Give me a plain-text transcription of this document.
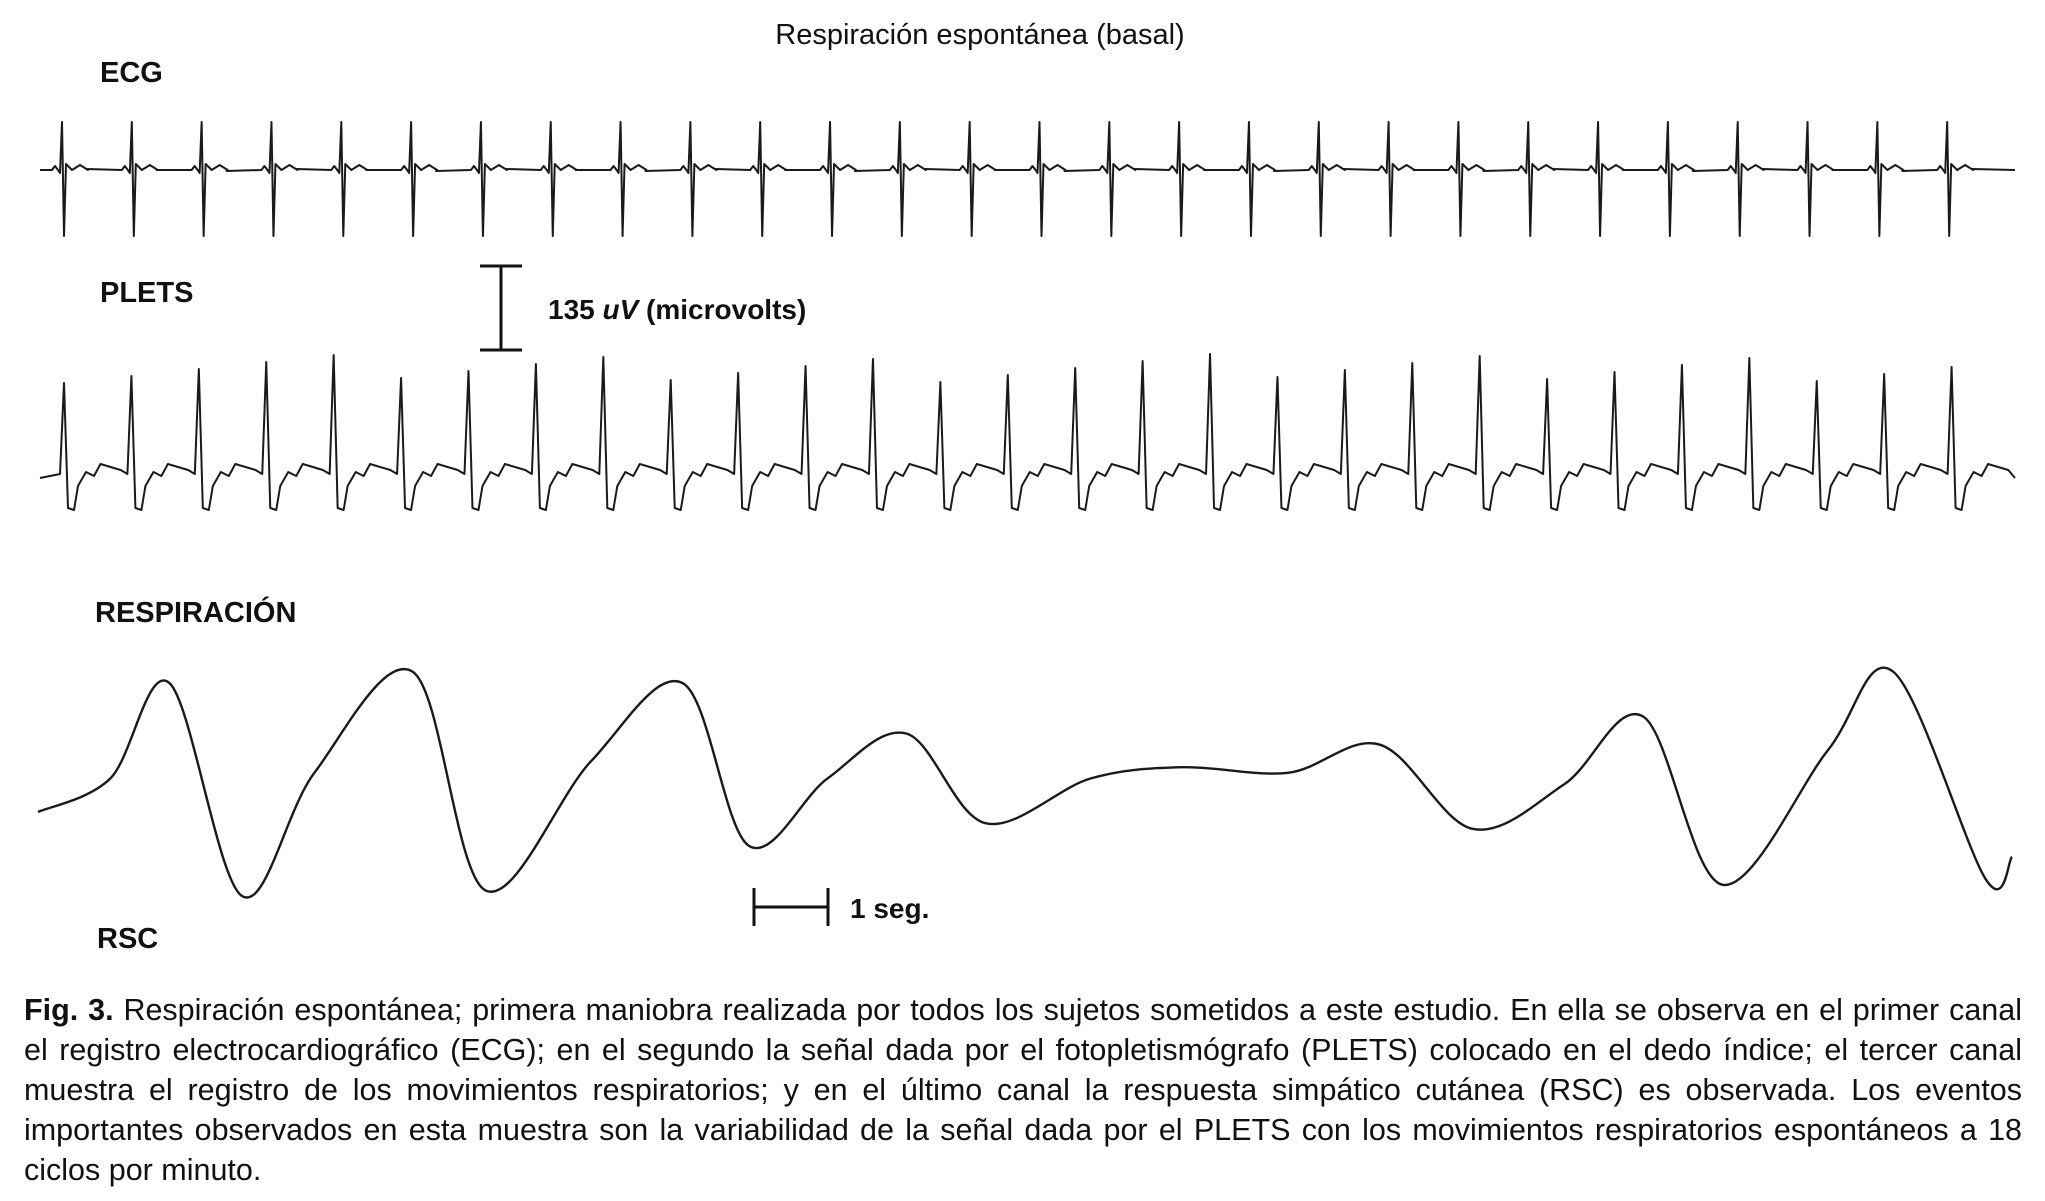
Respiración espontánea (basal)
ECG
PLETS
RESPIRACIÓN
RSC
135 uV (microvolts)
1 seg.
Fig. 3. Respiración espontánea; primera maniobra realizada por todos los sujetos sometidos a este estudio. En ella se observa en el primer canal el registro electrocardiográfico (ECG); en el segundo la señal dada por el fotopletismógrafo (PLETS) colocado en el dedo índice; el tercer canal muestra el registro de los movimientos respiratorios; y en el último canal la respuesta simpático cutánea (RSC) es observada. Los eventos importantes observados en esta muestra son la variabilidad de la señal dada por el PLETS con los movimientos respiratorios espontáneos a 18 ciclos por minuto.
